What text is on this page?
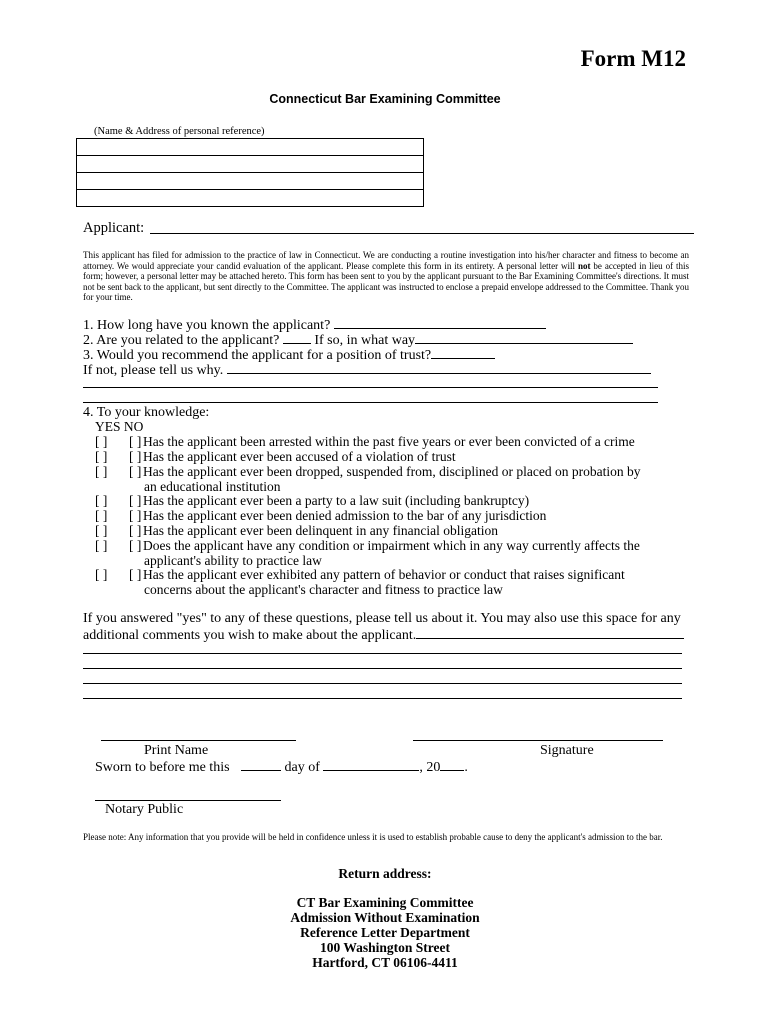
Form M12
Connecticut Bar Examining Committee
(Name & Address of personal reference)
Applicant:
This applicant has filed for admission to the practice of law in Connecticut. We are conducting a routine investigation into his/her character and fitness to become an attorney. We would appreciate your candid evaluation of the applicant. Please complete this form in its entirety. A personal letter will not be accepted in lieu of this form; however, a personal letter may be attached hereto. This form has been sent to you by the applicant pursuant to the Bar Examining Committee's directions. It must not be sent back to the applicant, but sent directly to the Committee. The applicant was instructed to enclose a prepaid envelope addressed to the Committee. Thank you for your time.
1. How long have you known the applicant?
2. Are you related to the applicant?	If so, in what way
3. Would you recommend the applicant for a position of trust?
If not, please tell us why.
4. To your knowledge:
YES NO
[ ] [ ] Has the applicant been arrested within the past five years or ever been convicted of a crime
[ ] [ ] Has the applicant ever been accused of a violation of trust
[ ] [ ] Has the applicant ever been dropped, suspended from, disciplined or placed on probation by
an educational institution
[ ] [ ] Has the applicant ever been a party to a law suit (including bankruptcy)
[ ] [ ] Has the applicant ever been denied admission to the bar of any jurisdiction
[ ] [ ] Has the applicant ever been delinquent in any financial obligation
[ ] [ ] Does the applicant have any condition or impairment which in any way currently affects the
applicant's ability to practice law
[ ] [ ] Has the applicant ever exhibited any pattern of behavior or conduct that raises significant
concerns about the applicant's character and fitness to practice law
If you answered "yes" to any of these questions, please tell us about it. You may also use this space for any
additional comments you wish to make about the applicant.
Print Name	Signature
Sworn to before me this	day of	, 20 .
Notary Public
Please note: Any information that you provide will be held in confidence unless it is used to establish probable cause to deny the applicant's admission to the bar.
Return address:
CT Bar Examining Committee
Admission Without Examination
Reference Letter Department
100 Washington Street
Hartford, CT 06106-4411
